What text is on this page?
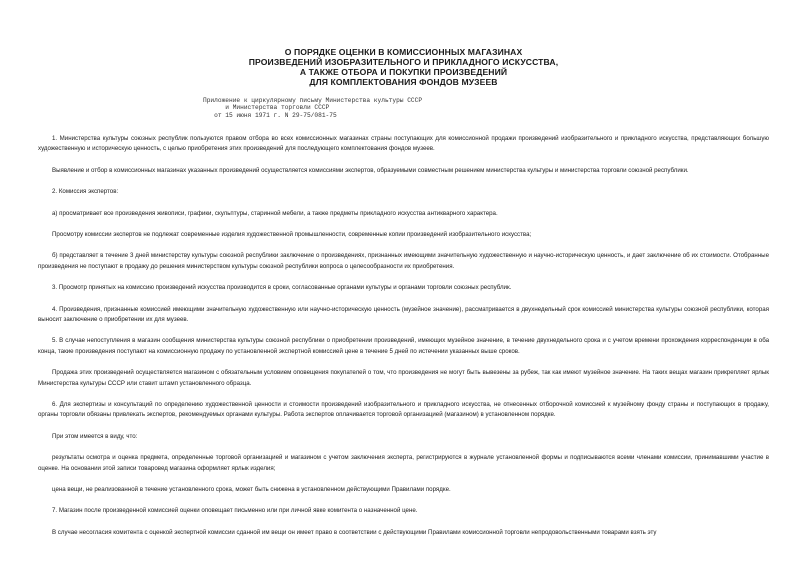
О ПОРЯДКЕ ОЦЕНКИ В КОМИССИОННЫХ МАГАЗИНАХ

ПРОИЗВЕДЕНИЙ ИЗОБРАЗИТЕЛЬНОГО И ПРИКЛАДНОГО ИСКУССТВА,

А ТАКЖЕ ОТБОРА И ПОКУПКИ ПРОИЗВЕДЕНИЙ

ДЛЯ КОМПЛЕКТОВАНИЯ ФОНДОВ МУЗЕЕВ

Приложение к циркулярному письму Министерства культуры СССР
и Министерства торговли СССР
от 15 июня 1971 г. N 29-75/081-75

1. Министерства культуры союзных республик пользуются правом отбора во всех комиссионных магазинах страны поступающих для комиссионной продажи произведений изобразительного и прикладного искусства, представляющих большую художественную и историческую ценность, с целью приобретения этих произведений для последующего комплектования фондов музеев.

Выявление и отбор в комиссионных магазинах указанных произведений осуществляется комиссиями экспертов, образуемыми совместным решением министерства культуры и министерства торговли союзной республики.

2. Комиссия экспертов:

а) просматривает все произведения живописи, графики, скульптуры, старинной мебели, а также предметы прикладного искусства антикварного характера.

Просмотру комиссии экспертов не подлежат современные изделия художественной промышленности, современные копии произведений изобразительного искусства;

б) представляет в течение 3 дней министерству культуры союзной республики заключение о произведениях, признанных имеющими значительную художественную и научно-историческую ценность, и дает заключение об их стоимости. Отобранные произведения не поступают в продажу до решения министерством культуры союзной республики вопроса о целесообразности их приобретения.

3. Просмотр принятых на комиссию произведений искусства производится в сроки, согласованные органами культуры и органами торговли союзных республик.

4. Произведения, признанные комиссией имеющими значительную художественную или научно-историческую ценность (музейное значение), рассматривается в двухнедельный срок комиссией министерства культуры союзной республики, которая выносит заключение о приобретении их для музеев.

5. В случае непоступления в магазин сообщения министерства культуры союзной республики о приобретении произведений, имеющих музейное значение, в течение двухнедельного срока и с учетом времени прохождения корреспонденции в оба конца, такие произведения поступают на комиссионную продажу по установленной экспертной комиссией цене в течение 5 дней по истечении указанных выше сроков.

Продажа этих произведений осуществляется магазином с обязательным условием оповещения покупателей о том, что произведения не могут быть вывезены за рубеж, так как имеют музейное значение. На таких вещах магазин прикрепляет ярлык Министерства культуры СССР или ставит штамп установленного образца.

6. Для экспертизы и консультаций по определению художественной ценности и стоимости произведений изобразительного и прикладного искусства, не отнесенных отборочной комиссией к музейному фонду страны и поступающих в продажу, органы торговли обязаны привлекать экспертов, рекомендуемых органами культуры. Работа экспертов оплачивается торговой организацией (магазином) в установленном порядке.

При этом имеется в виду, что:

результаты осмотра и оценка предмета, определенные торговой организацией и магазином с учетом заключения эксперта, регистрируются в журнале установленной формы и подписываются всеми членами комиссии, принимавшими участие в оценке. На основании этой записи товаровед магазина оформляет ярлык изделия;

цена вещи, не реализованной в течение установленного срока, может быть снижена в установленном действующими Правилами порядке.

7. Магазин после произведенной комиссией оценки оповещает письменно или при личной явке комитента о назначенной цене.

В случае несогласия комитента с оценкой экспертной комиссии сданной им вещи он имеет право в соответствии с действующими Правилами комиссионной торговли непродовольственными товарами взять эту
